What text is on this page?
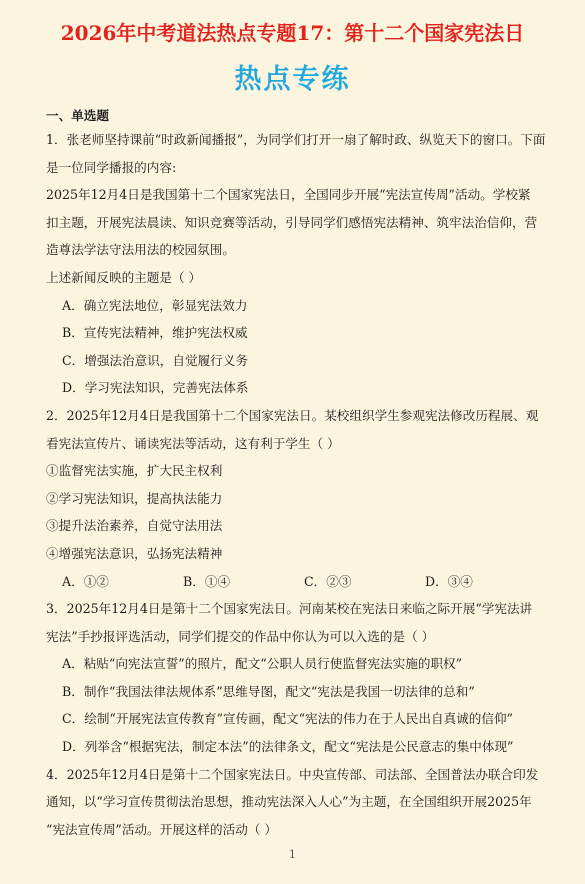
2026年中考道法热点专题17：第十二个国家宪法日
热点专练
一、单选题
1．张老师坚持课前“时政新闻播报”，为同学们打开一扇了解时政、纵览天下的窗口。下面
是一位同学播报的内容:
2025年12月4日是我国第十二个国家宪法日，全国同步开展“宪法宣传周”活动。学校紧
扣主题，开展宪法晨读、知识竞赛等活动，引导同学们感悟宪法精神、筑牢法治信仰，营
造尊法学法守法用法的校园氛围。
上述新闻反映的主题是（ ）
A．确立宪法地位，彰显宪法效力
B．宣传宪法精神，维护宪法权威
C．增强法治意识，自觉履行义务
D．学习宪法知识，完善宪法体系
2．2025年12月4日是我国第十二个国家宪法日。某校组织学生参观宪法修改历程展、观
看宪法宣传片、诵读宪法等活动，这有利于学生（ ）
①监督宪法实施，扩大民主权利
②学习宪法知识，提高执法能力
③提升法治素养，自觉守法用法
④增强宪法意识，弘扬宪法精神
A．①②	B．①④	C．②③	D．③④
3．2025年12月4日是第十二个国家宪法日。河南某校在宪法日来临之际开展“学宪法讲
宪法”手抄报评选活动，同学们提交的作品中你认为可以入选的是（ ）
A．粘贴“向宪法宣誓”的照片，配文“公职人员行使监督宪法实施的职权”
B．制作“我国法律法规体系”思维导图，配文“宪法是我国一切法律的总和”
C．绘制“开展宪法宣传教育”宣传画，配文“宪法的伟力在于人民出自真诚的信仰”
D．列举含“根据宪法，制定本法”的法律条文，配文“宪法是公民意志的集中体现”
4．2025年12月4日是第十二个国家宪法日。中央宣传部、司法部、全国普法办联合印发
通知，以“学习宣传贯彻法治思想，推动宪法深入人心”为主题，在全国组织开展2025年
“宪法宣传周”活动。开展这样的活动（ ）
1
